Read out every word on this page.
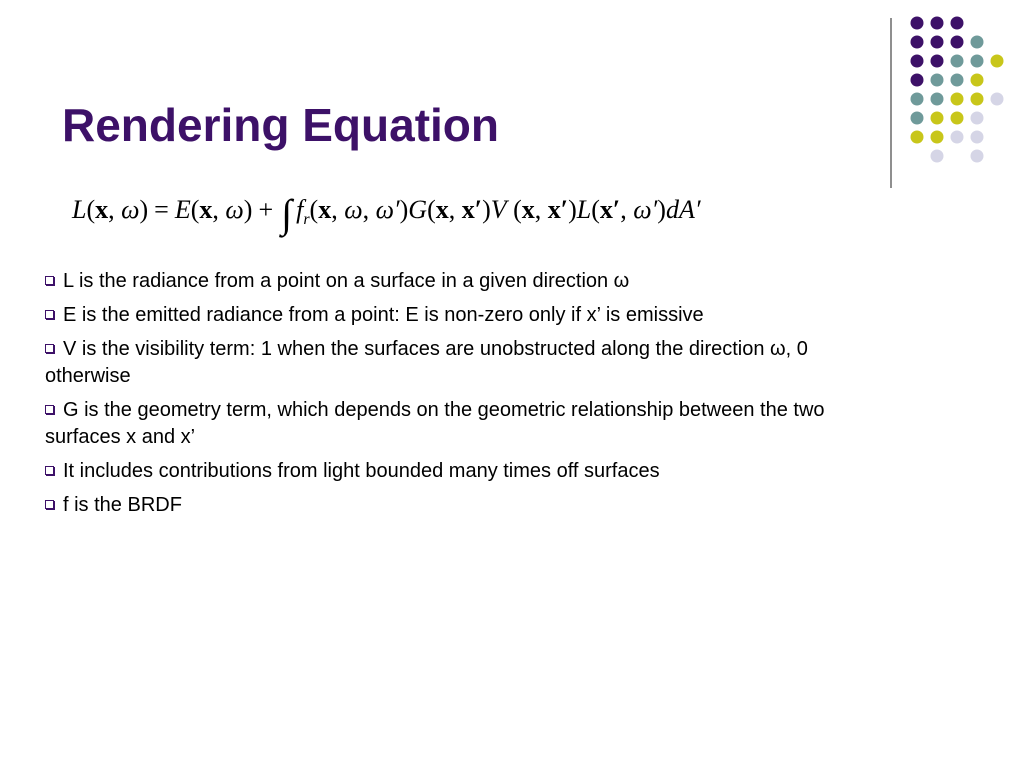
Rendering Equation
L(x, ω) = E(x, ω) + ∫ $f_r(x$, ω, ω′)G(x, x′)V (x, x′)L(x′, ω′)dA′
L is the radiance from a point on a surface in a given direction ω
E is the emitted radiance from a point: E is non-zero only if x’ is emissive
V is the visibility term: 1 when the surfaces are unobstructed along the direction ω, 0 otherwise
G is the geometry term, which depends on the geometric relationship between the two surfaces x and x’
It includes contributions from light bounded many times off surfaces
f is the BRDF
